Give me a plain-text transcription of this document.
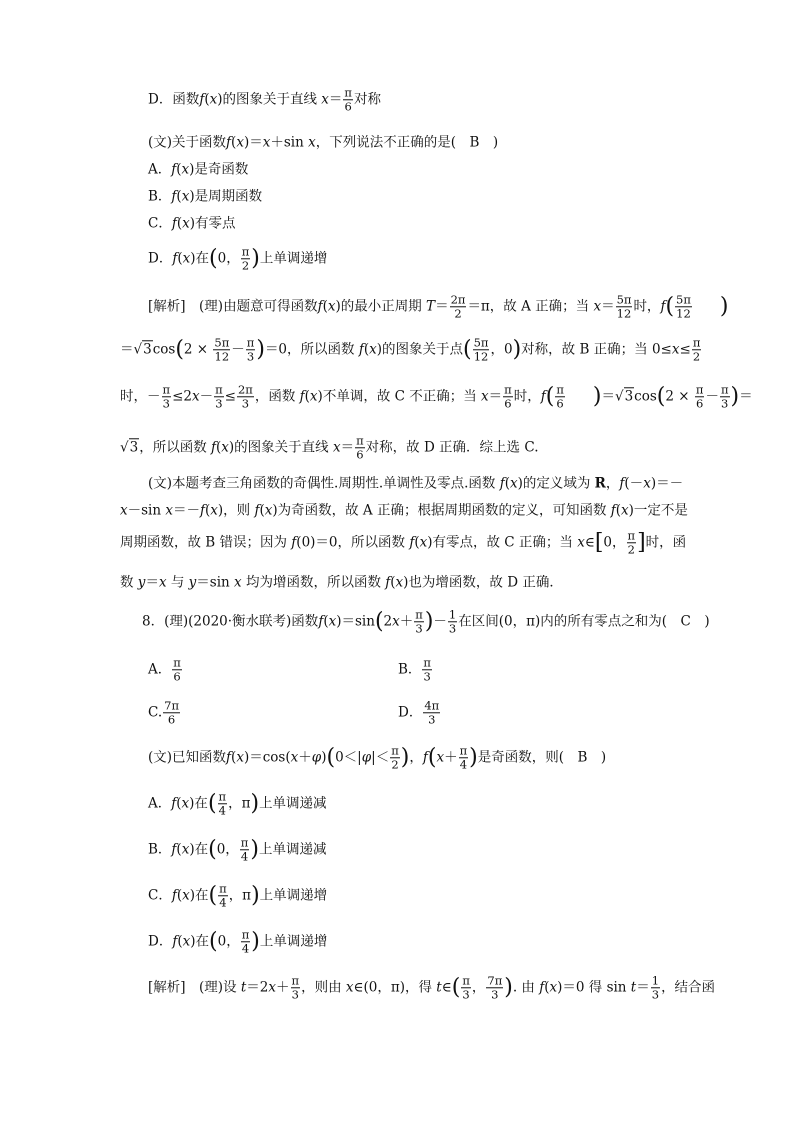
D．函数f(x)的图象关于直线 $x= \frac{\pi}{6}$ 对称
(文)关于函数f(x)＝x＋sin x，下列说法不正确的是(　B　)
A．f(x)是奇函数
B．f(x)是周期函数
C．f(x)有零点
D．f(x)在(0， $\frac{\pi}{2}$ )上单调递增
[解析]　(理)由题意可得函数f(x)的最小正周期 $T= \frac{2\pi}{2} =\pi$，故 A 正确；当 $x= \frac{5\pi}{12}$ 时，$f( \frac{5\pi}{12}$
　　 )
$=√3\cos(2 \times \frac{5\pi}{12} - \frac{\pi}{3} )=0$，所以函数 f(x)的图象关于点( $\frac{5\pi}{12}$ ，0)对称，故 B 正确；当 $0\le x\le \frac{\pi}{2}$
时，－ $\frac{\pi}{3} \le 2x- \frac{\pi}{3} \le \frac{2\pi}{3}$ ，函数 f(x)不单调，故 C 不正确；当 $x= \frac{\pi}{6}$ 时，$f( \frac{\pi}{6}$
　　 )$=√3\cos(2 \times \frac{\pi}{6} - \frac{\pi}{3}$ )＝
√3，所以函数 f(x)的图象关于直线 $x= \frac{\pi}{6}$ 对称，故 D 正确．综上选 C.
(文)本题考查三角函数的奇偶性.周期性.单调性及零点.函数 f(x)的定义域为 R，f(－x)＝－
x－sin x＝－f(x)，则 f(x)为奇函数，故 A 正确；根据周期函数的定义，可知函数 f(x)一定不是
周期函数，故 B 错误；因为 f(0)＝0，所以函数 f(x)有零点，故 C 正确；当 x∈[0， $\frac{\pi}{2}$ ]时，函
数 y＝x 与 y＝sin x 均为增函数，所以函数 f(x)也为增函数，故 D 正确．
8．(理)(2020·衡水联考)函数$f(x)=\sin(2x+ \frac{\pi}{3}$ )－ $\frac{1}{3}$ 在区间(0，π)内的所有零点之和为(　C　)
A． $\frac{\pi}{6}$	B． $\frac{\pi}{3}$
C. $\frac{7\pi}{6}$	D． $\frac{4\pi}{3}$
(文)已知函数$f(x)=\cos(x+\varphi)(0<|\varphi|< \frac{\pi}{2}$ )，$f(x+ \frac{\pi}{4}$ )是奇函数，则(　B　)
A．f(x)在( $\frac{\pi}{4}$ ，π)上单调递减
B．f(x)在(0， $\frac{\pi}{4}$ )上单调递减
C．f(x)在( $\frac{\pi}{4}$ ，π)上单调递增
D．f(x)在(0， $\frac{\pi}{4}$ )上单调递增
[解析]　(理)设 $t=2x+ \frac{\pi}{3}$ ，则由 x∈(0，π)，得 t∈( $\frac{\pi}{3}$ ， $\frac{7\pi}{3}$ ). 由 f(x)＝0 得 $\sin t= \frac{1}{3}$ ，结合函
